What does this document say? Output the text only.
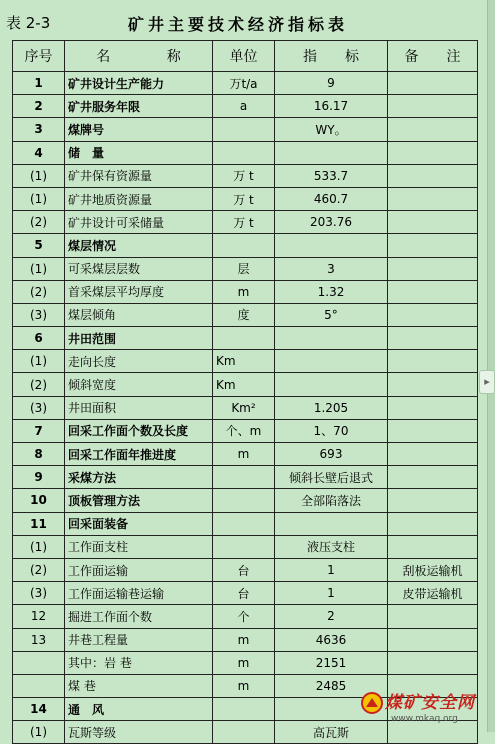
表 2-3	矿井主要技术经济指标表
序号	名 称	单位	指　　标	备　　注
1	矿井设计生产能力	万t/a	9	
2	矿井服务年限	a	16.17	
3	煤牌号		WY。	
4	储　量			
(1)	矿井保有资源量	万 t	533.7	
(1)	矿井地质资源量	万 t	460.7	
(2)	矿井设计可采储量	万 t	203.76	
5	煤层情况			
(1)	可采煤层层数	层	3	
(2)	首采煤层平均厚度	m	1.32	
(3)	煤层倾角	度	5°	
6	井田范围			
(1)	走向长度	Km		
(2)	倾斜宽度	Km		
(3)	井田面积	Km²	1.205	
7	回采工作面个数及长度	个、m	1、70	
8	回采工作面年推进度	m	693	
9	采煤方法		倾斜长壁后退式	
10	顶板管理方法		全部陷落法	
11	回采面装备			
(1)	工作面支柱		液压支柱	
(2)	工作面运输	台	1	刮板运输机
(3)	工作面运输巷运输	台	1	皮带运输机
12	掘进工作面个数	个	2	
13	井巷工程量	m	4636	
	其中：岩 巷	m	2151	
	煤 巷	m	2485	
14	通　风			
(1)	瓦斯等级		高瓦斯	
▸
煤矿安全网
www.mkaq.org
